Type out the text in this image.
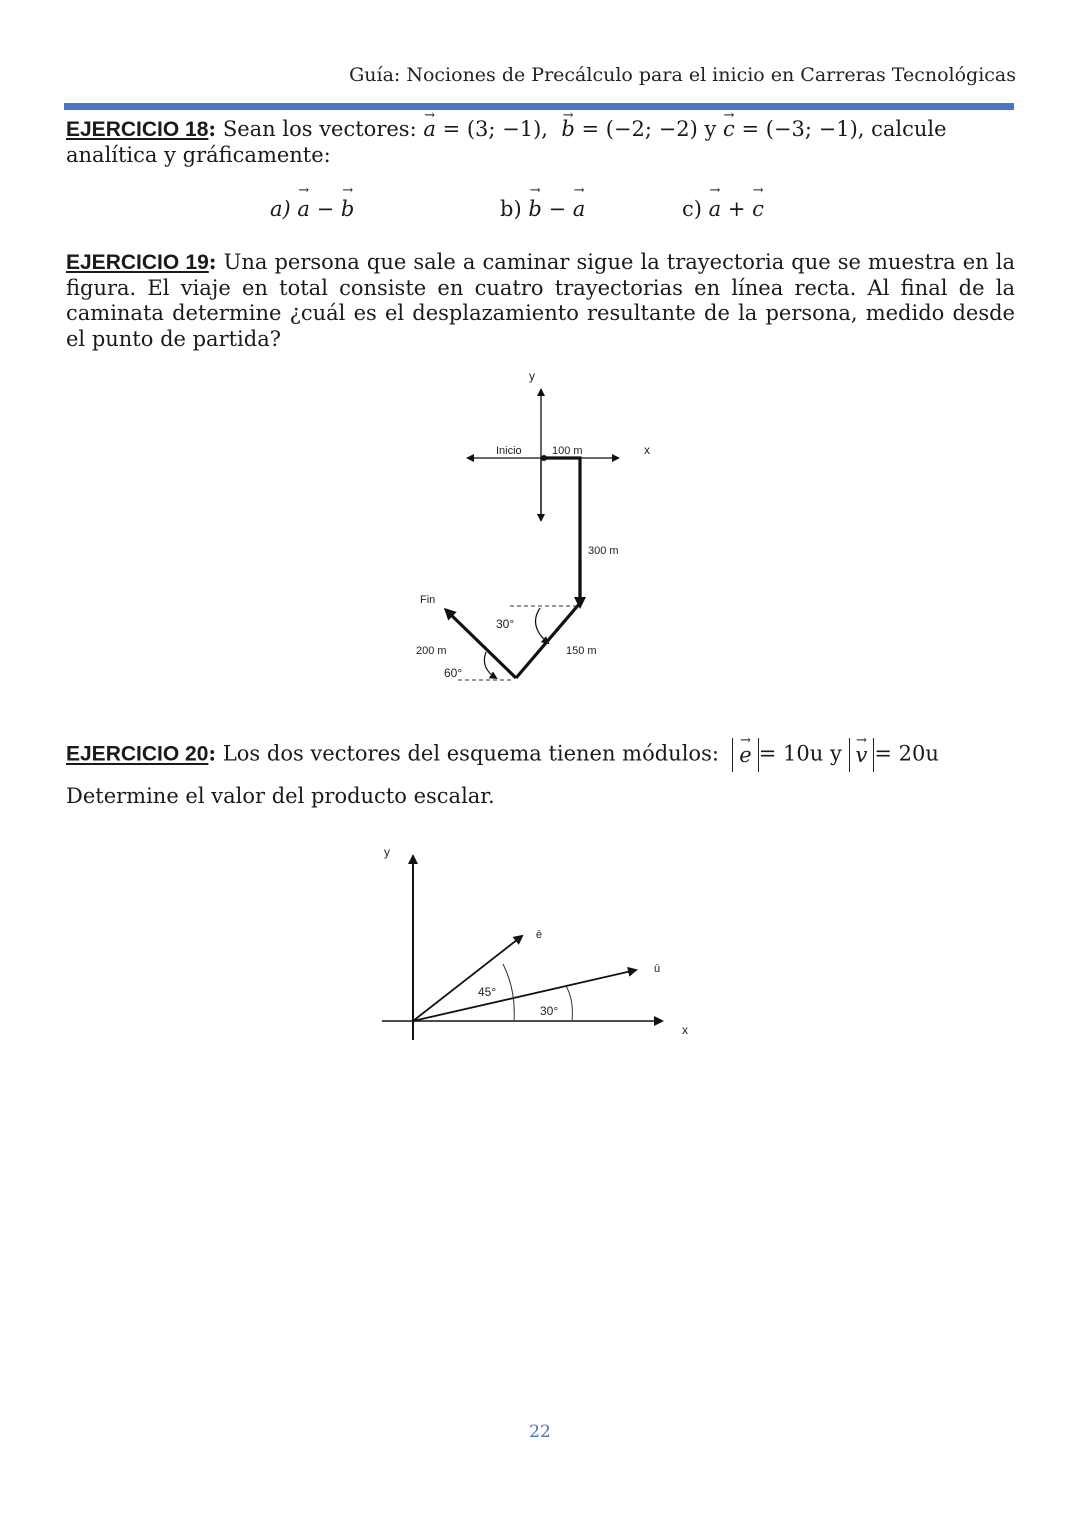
Guía: Nociones de Precálculo para el inicio en Carreras Tecnológicas
EJERCICIO 18: Sean los vectores: a → = (3; −1), b → = (−2; −2) y c → = (−3; −1), calcule
analítica y gráficamente:
a) a → − b →	b) b → − a →	c) a → + c →
EJERCICIO 19: Una persona que sale a caminar sigue la trayectoria que se muestra en la figura. El viaje en total consiste en cuatro trayectorias en línea recta. Al final de la caminata determine ¿cuál es el desplazamiento resultante de la persona, medido desde el punto de partida?
y
x
Inicio	100 m
300 m
150 m
200 m
Fin
30°
60°
EJERCICIO 20: Los dos vectores del esquema tienen módulos: e → = 10u y v → = 20u
Determine el valor del producto escalar.
y
x
ē
ū
45°
30°
22
